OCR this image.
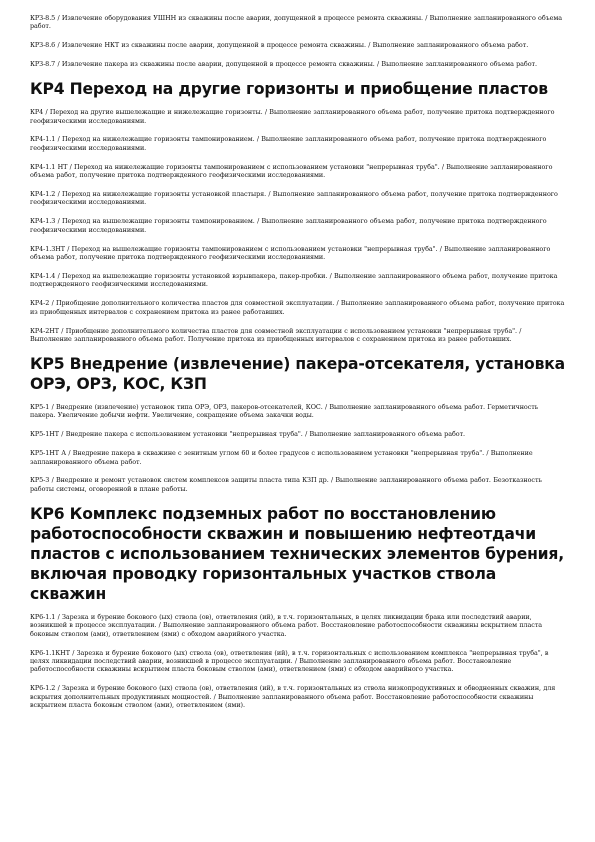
КРЗ-8.5 / Извлечение оборудования УШНН из скважины после аварии, допущенной в процессе ремонта скважины. / Выполнение запланированного объема работ.

КРЗ-8.6 / Извлечение НКТ из скважины после аварии, допущенной в процессе ремонта скважины. / Выполнение запланированного объема работ.

КРЗ-8.7 / Извлечение пакера из скважины после аварии, допущенной в процессе ремонта скважины. / Выполнение запланированного объема работ.

КР4 Переход на другие горизонты и приобщение пластов

КР4 / Переход на другие вышележащие и нижележащие горизонты. / Выполнение запланированного объема работ, получение притока подтвержденного геофизическими исследованиями.

КР4-1.1 / Переход на нижележащие горизонты тампонированием. / Выполнение запланированного объема работ, получение притока подтвержденного геофизическими исследованиями.

КР4-1.1 НТ / Переход на нижележащие горизонты тампонированием с использованием установки "непрерывная труба". / Выполнение запланированного объема работ, получение притока подтвержденного геофизическими исследованиями.

КР4-1.2 / Переход на нижележащие горизонты установкой пластыря. / Выполнение запланированного объема работ, получение притока подтвержденного геофизическими исследованиями.

КР4-1.3 / Переход на вышележащие горизонты тампонированием. / Выполнение запланированного объема работ, получение притока подтвержденного геофизическими исследованиями.

КР4-1.3НТ / Переход на вышележащие горизонты тампонированием с использованием установки "непрерывная труба". / Выполнение запланированного объема работ, получение притока подтвержденного геофизическими исследованиями.

КР4-1.4 / Переход на вышележащие горизонты установкой взрывпакера, пакер-пробки. / Выполнение запланированного объема работ, получение притока подтвержденного геофизическими исследованиями.

КР4-2 / Приобщение дополнительного количества пластов для совместной эксплуатации. / Выполнение запланированного объема работ, получение притока из приобщенных интервалов с сохранением притока из ранее работавших.

КР4-2НТ / Приобщение дополнительного количества пластов для совместной эксплуатации с использованием установки "непрерывная труба". / Выполнение запланированного объема работ. Получение притока из приобщенных интервалов с сохранением притока из ранее работавших.

КР5 Внедрение (извлечение) пакера-отсекателя, установка ОРЭ, ОРЗ, КОС, КЗП

КР5-1 / Внедрение (извлечение) установок типа ОРЭ, ОРЗ, пакеров-отсекателей, КОС. / Выполнение запланированного объема работ. Герметичность пакера. Увеличение добычи нефти. Увеличение, сокращение объема закачки воды.

КР5-1НТ / Внедрение пакера с использованием установки "непрерывная труба". / Выполнение запланированного объема работ.

КР5-1НТ А / Внедрение пакера в скважине с зенитным углом 60 и более градусов с использованием установки "непрерывная труба". / Выполнение запланированного объема работ.

КР5-3 / Внедрение и ремонт установок систем комплексов защиты пласта типа КЗП др. / Выполнение запланированного объема работ. Безотказность работы системы, оговоренной в плане работы.

КР6 Комплекс подземных работ по восстановлению работоспособности скважин и повышению нефтеотдачи пластов с использованием технических элементов бурения, включая проводку горизонтальных участков ствола скважин

КР6-1.1 / Зарезка и бурение бокового (ых) ствола (ов), ответвления (ий), в т.ч. горизонтальных, в целях ликвидации брака или последствий аварии, возникшей в процессе эксплуатации. / Выполнение запланированного объема работ. Восстановление работоспособности скважины вскрытием пласта боковым стволом (ами), ответвлением (ями) с обходом аварийного участка.

КР6-1.1КНТ / Зарезка и бурение бокового (ых) ствола (ов), ответвления (ий), в т.ч. горизонтальных с использованием комплекса "непрерывная труба", в целях ликвидации последствий аварии, возникшей в процессе эксплуатации. / Выполнение запланированного объема работ. Восстановление работоспособности скважины вскрытием пласта боковым стволом (ами), ответвлением (ями) с обходом аварийного участка.

КР6-1.2 / Зарезка и бурение бокового (ых) ствола (ов), ответвления (ий), в т.ч. горизонтальных из ствола низкопродуктивных и обводненных скважин, для вскрытия дополнительных продуктивных мощностей. / Выполнение запланированного объема работ. Восстановление работоспособности скважины вскрытием пласта боковым стволом (ами), ответвлением (ями).
